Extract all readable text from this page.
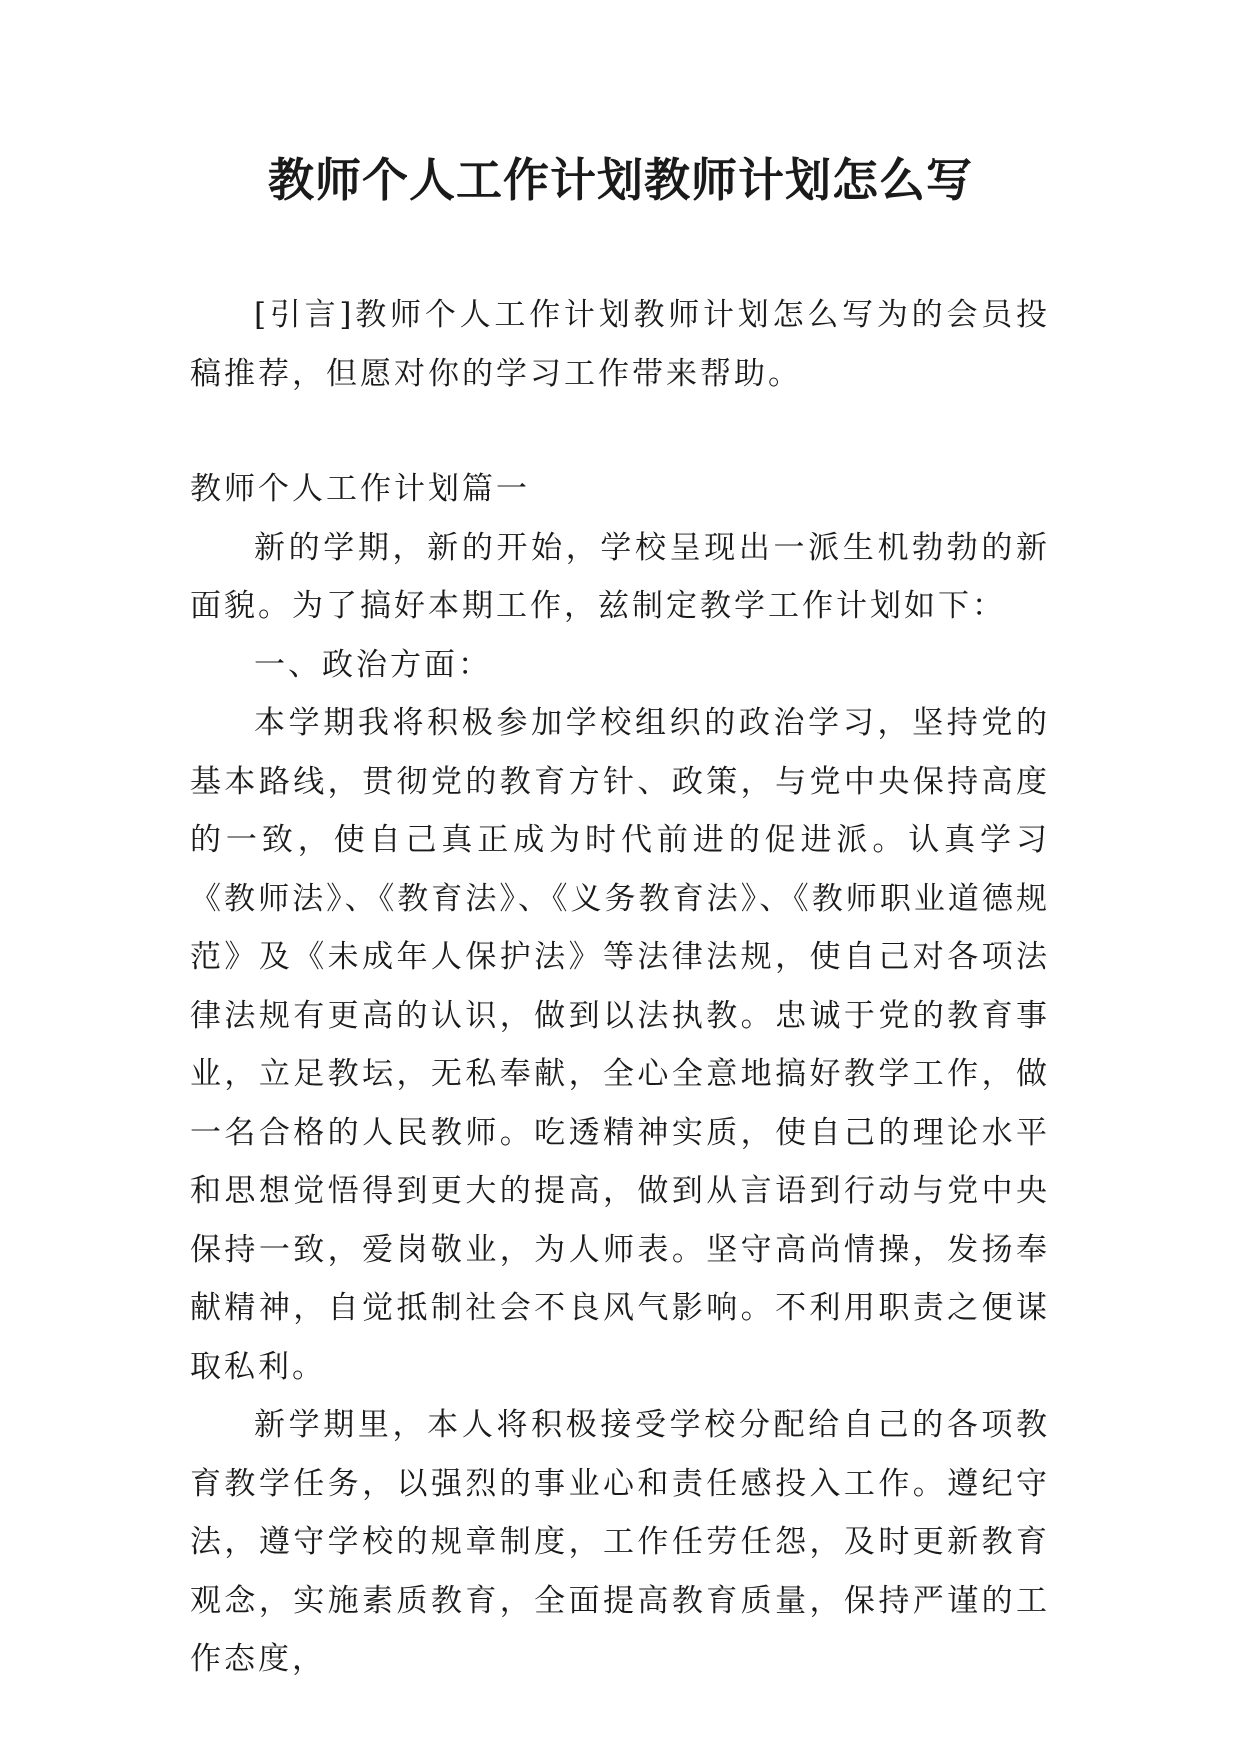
教师个人工作计划教师计划怎么写

[引言]教师个人工作计划教师计划怎么写为的会员投稿推荐，但愿对你的学习工作带来帮助。

教师个人工作计划篇一

新的学期，新的开始，学校呈现出一派生机勃勃的新面貌。为了搞好本期工作，兹制定教学工作计划如下：

一、政治方面：

本学期我将积极参加学校组织的政治学习，坚持党的基本路线，贯彻党的教育方针、政策，与党中央保持高度的一致，使自己真正成为时代前进的促进派。认真学习《教师法》、《教育法》、《义务教育法》、《教师职业道德规范》及《未成年人保护法》等法律法规，使自己对各项法律法规有更高的认识，做到以法执教。忠诚于党的教育事业，立足教坛，无私奉献，全心全意地搞好教学工作，做一名合格的人民教师。吃透精神实质，使自己的理论水平和思想觉悟得到更大的提高，做到从言语到行动与党中央保持一致，爱岗敬业，为人师表。坚守高尚情操，发扬奉献精神，自觉抵制社会不良风气影响。不利用职责之便谋取私利。

新学期里，本人将积极接受学校分配给自己的各项教育教学任务，以强烈的事业心和责任感投入工作。遵纪守法，遵守学校的规章制度，工作任劳任怨，及时更新教育观念，实施素质教育，全面提高教育质量，保持严谨的工作态度，
